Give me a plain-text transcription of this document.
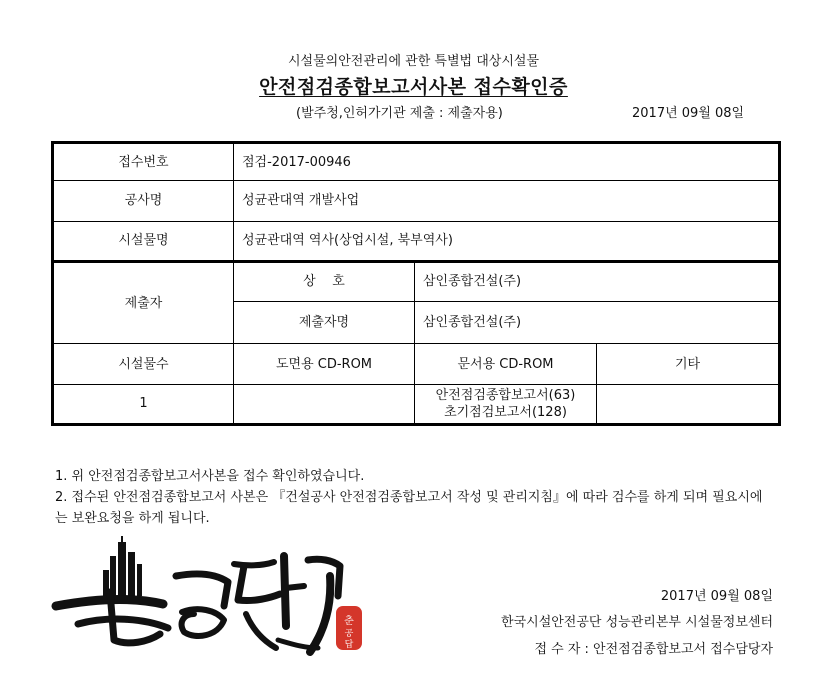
시설물의안전관리에 관한 특별법 대상시설물
안전점검종합보고서사본 접수확인증
(발주청,인허가기관 제출 : 제출자용)	2017년 09월 08일
접수번호	점검-2017-00946		
공사명	성균관대역 개발사업		
시설물명	성균관대역 역사(상업시설, 북부역사)		
제출자	상    호	삼인종합건설(주)	
	제출자명	삼인종합건설(주)	
시설물수	도면용 CD-ROM	문서용 CD-ROM	기타
1		안전점검종합보고서(63)
초기점검보고서(128)	

1. 위 안전점검종합보고서사본을 접수 확인하였습니다.

2. 접수된 안전점검종합보고서 사본은 『건설공사 안전점검종합보고서 작성 및 관리지침』에 따라 검수를 하게 되며 필요시에는 보완요청을 하게 됩니다.

춘
공
답
2017년 09월 08일
한국시설안전공단 성능관리본부 시설물정보센터
접 수 자 : 안전점검종합보고서 접수담당자
